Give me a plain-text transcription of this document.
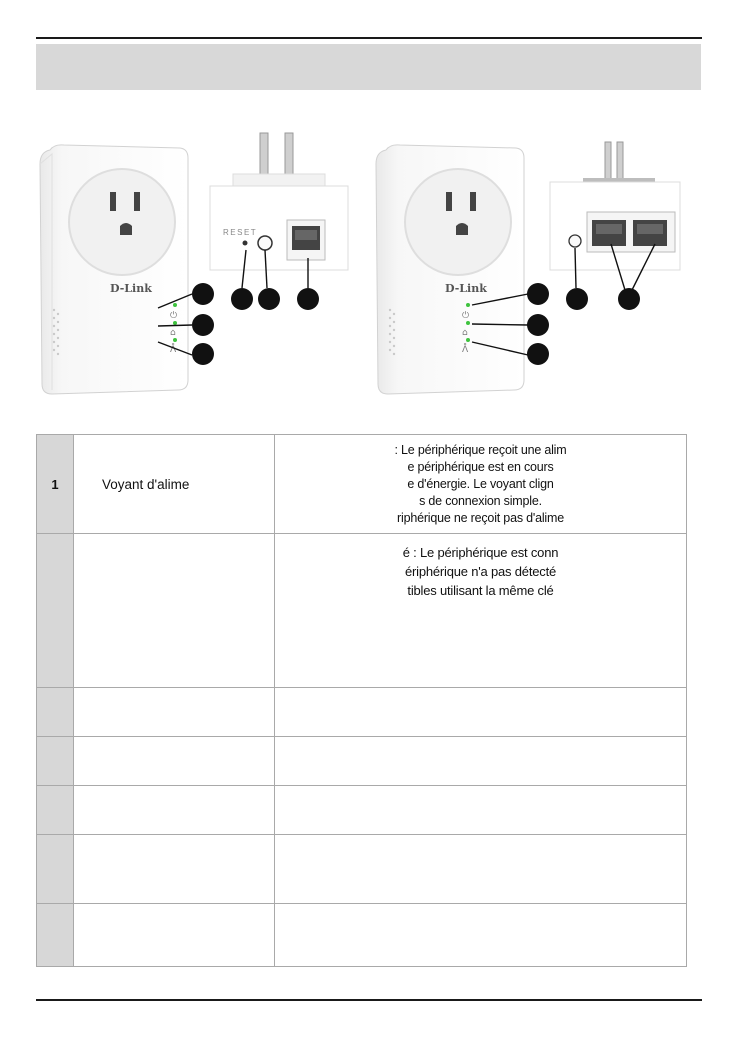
⏻
⌂
ᐰ
D-Link
RESET
⏻
⌂
ᐰ
D-Link
1	Voyant d'alime	: Le périphérique reçoit une alim
e périphérique est en cours
e d'énergie. Le voyant clign
s de connexion simple.
riphérique ne reçoit pas d'alime

		é : Le périphérique est conn
ériphérique n'a pas détecté
tibles utilisant la même clé
